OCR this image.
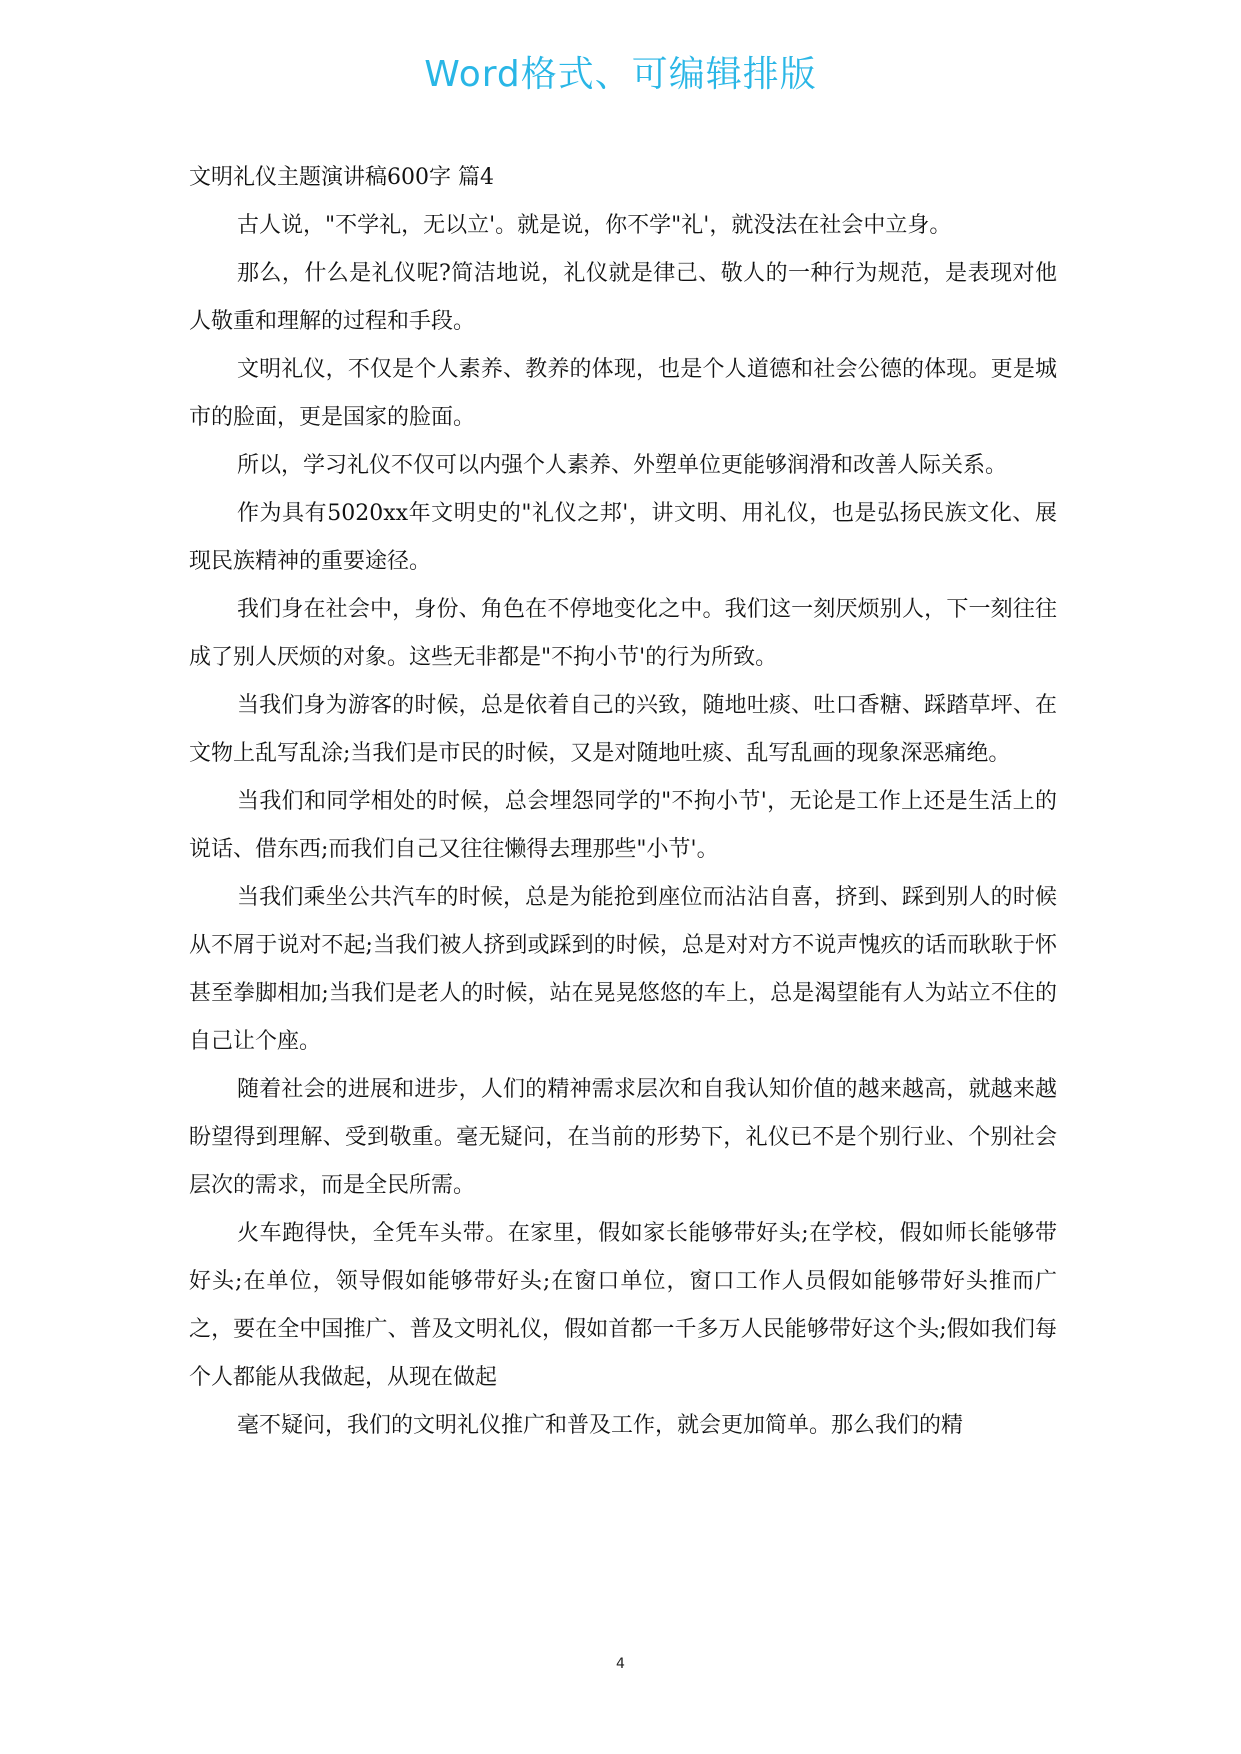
Word格式、可编辑排版

文明礼仪主题演讲稿600字 篇4

古人说，"不学礼，无以立'。就是说，你不学"礼'，就没法在社会中立身。

那么，什么是礼仪呢?简洁地说，礼仪就是律己、敬人的一种行为规范，是表现对他人敬重和理解的过程和手段。

文明礼仪，不仅是个人素养、教养的体现，也是个人道德和社会公德的体现。更是城市的脸面，更是国家的脸面。

所以，学习礼仪不仅可以内强个人素养、外塑单位更能够润滑和改善人际关系。

作为具有5020xx年文明史的"礼仪之邦'，讲文明、用礼仪，也是弘扬民族文化、展现民族精神的重要途径。

我们身在社会中，身份、角色在不停地变化之中。我们这一刻厌烦别人，下一刻往往成了别人厌烦的对象。这些无非都是"不拘小节'的行为所致。

当我们身为游客的时候，总是依着自己的兴致，随地吐痰、吐口香糖、踩踏草坪、在文物上乱写乱涂;当我们是市民的时候，又是对随地吐痰、乱写乱画的现象深恶痛绝。

当我们和同学相处的时候，总会埋怨同学的"不拘小节'，无论是工作上还是生活上的说话、借东西;而我们自己又往往懒得去理那些"小节'。

当我们乘坐公共汽车的时候，总是为能抢到座位而沾沾自喜，挤到、踩到别人的时候从不屑于说对不起;当我们被人挤到或踩到的时候，总是对对方不说声愧疚的话而耿耿于怀甚至拳脚相加;当我们是老人的时候，站在晃晃悠悠的车上，总是渴望能有人为站立不住的自己让个座。

随着社会的进展和进步，人们的精神需求层次和自我认知价值的越来越高，就越来越盼望得到理解、受到敬重。毫无疑问，在当前的形势下，礼仪已不是个别行业、个别社会层次的需求，而是全民所需。

火车跑得快，全凭车头带。在家里，假如家长能够带好头;在学校，假如师长能够带好头;在单位，领导假如能够带好头;在窗口单位，窗口工作人员假如能够带好头推而广之，要在全中国推广、普及文明礼仪，假如首都一千多万人民能够带好这个头;假如我们每个人都能从我做起，从现在做起

毫不疑问，我们的文明礼仪推广和普及工作，就会更加简单。那么我们的精

4
